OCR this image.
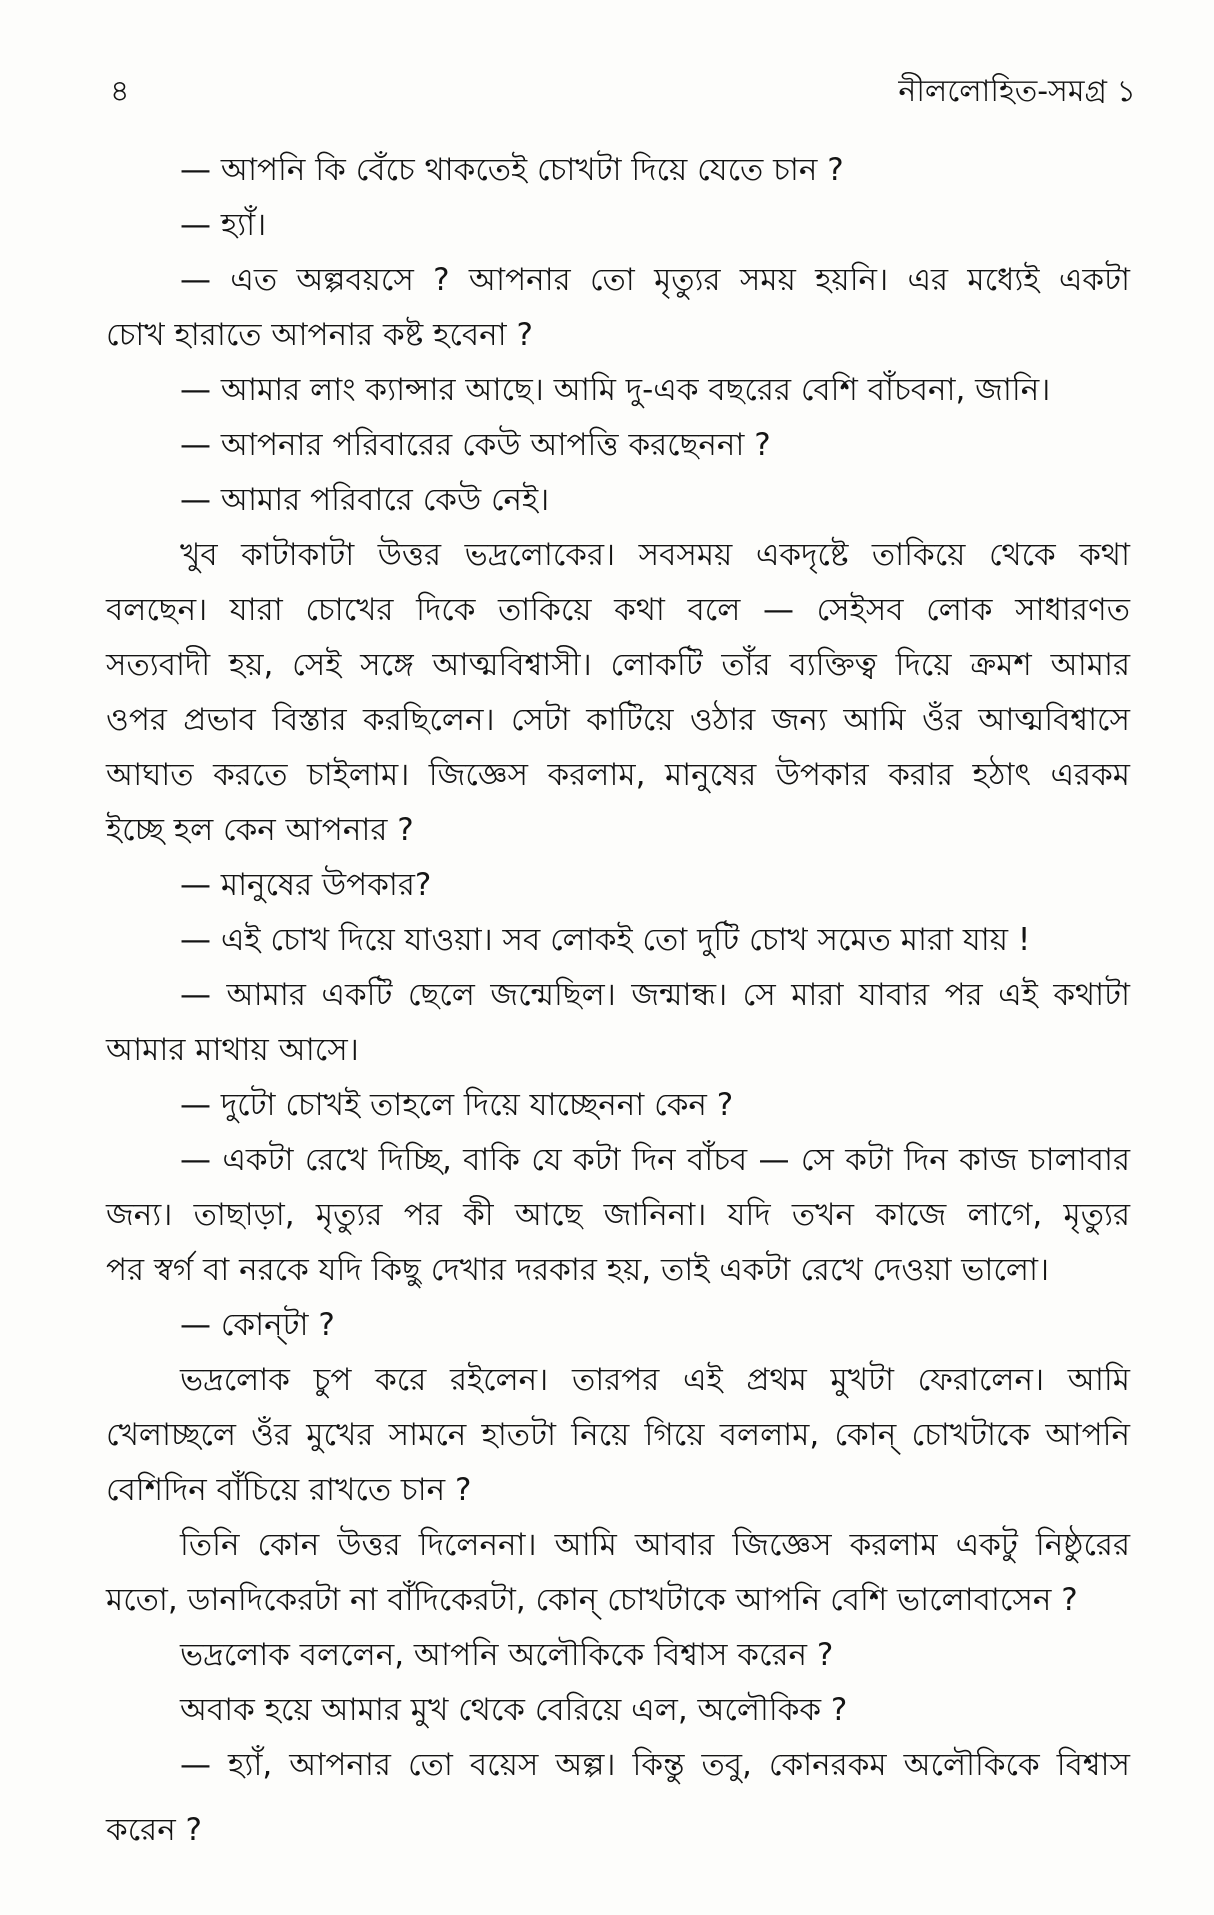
৪	নীললোহিত-সমগ্র ১
— আপনি কি বেঁচে থাকতেই চোখটা দিয়ে যেতে চান ?
— হ্যাঁ।
— এত অল্পবয়সে ? আপনার তো মৃত্যুর সময় হয়নি। এর মধ্যেই একটা
চোখ হারাতে আপনার কষ্ট হবেনা ?
— আমার লাং ক্যান্সার আছে। আমি দু-এক বছরের বেশি বাঁচবনা, জানি।
— আপনার পরিবারের কেউ আপত্তি করছেননা ?
— আমার পরিবারে কেউ নেই।
খুব কাটাকাটা উত্তর ভদ্রলোকের। সবসময় একদৃষ্টে তাকিয়ে থেকে কথা
বলছেন। যারা চোখের দিকে তাকিয়ে কথা বলে — সেইসব লোক সাধারণত
সত্যবাদী হয়, সেই সঙ্গে আত্মবিশ্বাসী। লোকটি তাঁর ব্যক্তিত্ব দিয়ে ক্রমশ আমার
ওপর প্রভাব বিস্তার করছিলেন। সেটা কাটিয়ে ওঠার জন্য আমি ওঁর আত্মবিশ্বাসে
আঘাত করতে চাইলাম। জিজ্ঞেস করলাম, মানুষের উপকার করার হঠাৎ এরকম
ইচ্ছে হল কেন আপনার ?
— মানুষের উপকার?
— এই চোখ দিয়ে যাওয়া। সব লোকই তো দুটি চোখ সমেত মারা যায় !
— আমার একটি ছেলে জন্মেছিল। জন্মান্ধ। সে মারা যাবার পর এই কথাটা
আমার মাথায় আসে।
— দুটো চোখই তাহলে দিয়ে যাচ্ছেননা কেন ?
— একটা রেখে দিচ্ছি, বাকি যে কটা দিন বাঁচব — সে কটা দিন কাজ চালাবার
জন্য। তাছাড়া, মৃত্যুর পর কী আছে জানিনা। যদি তখন কাজে লাগে, মৃত্যুর
পর স্বর্গ বা নরকে যদি কিছু দেখার দরকার হয়, তাই একটা রেখে দেওয়া ভালো।
— কোন্‌টা ?
ভদ্রলোক চুপ করে রইলেন। তারপর এই প্রথম মুখটা ফেরালেন। আমি
খেলাচ্ছলে ওঁর মুখের সামনে হাতটা নিয়ে গিয়ে বললাম, কোন্ চোখটাকে আপনি
বেশিদিন বাঁচিয়ে রাখতে চান ?
তিনি কোন উত্তর দিলেননা। আমি আবার জিজ্ঞেস করলাম একটু নিষ্ঠুরের
মতো, ডানদিকেরটা না বাঁদিকেরটা, কোন্ চোখটাকে আপনি বেশি ভালোবাসেন ?
ভদ্রলোক বললেন, আপনি অলৌকিকে বিশ্বাস করেন ?
অবাক হয়ে আমার মুখ থেকে বেরিয়ে এল, অলৌকিক ?
— হ্যাঁ, আপনার তো বয়েস অল্প। কিন্তু তবু, কোনরকম অলৌকিকে বিশ্বাস
করেন ?
